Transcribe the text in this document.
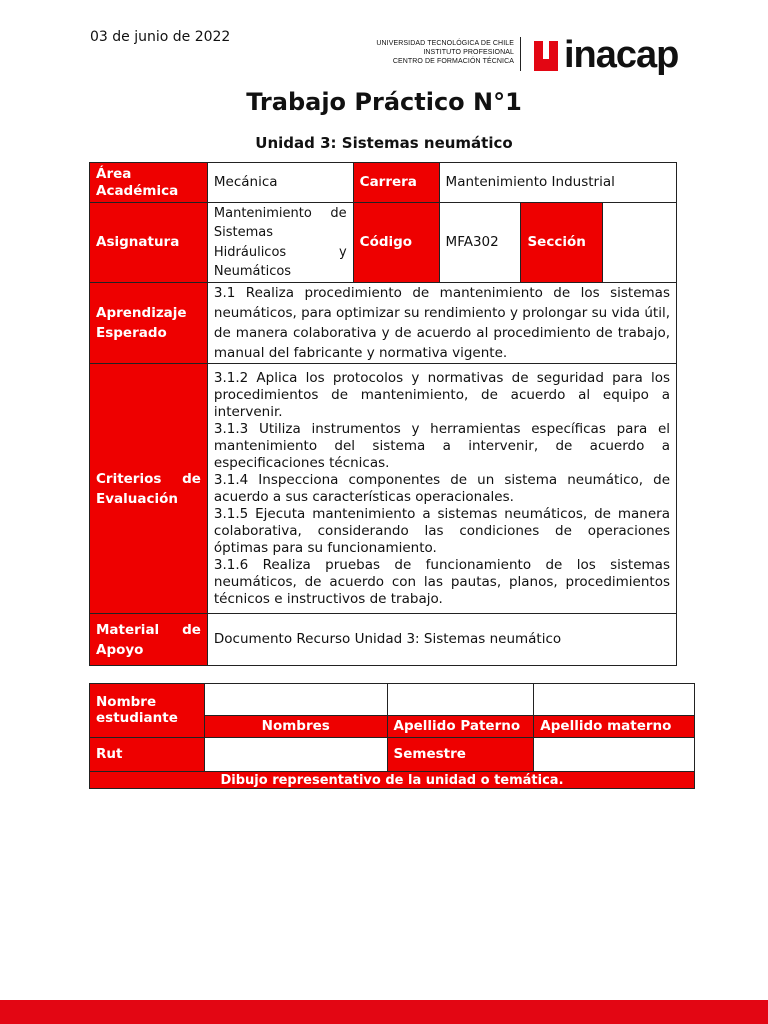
03 de junio de 2022	UNIVERSIDAD TECNOLÓGICA DE CHILE
INSTITUTO PROFESIONAL
CENTRO DE FORMACIÓN TÉCNICA inacap
Trabajo Práctico N°1
Unidad 3: Sistemas neumático
Área Académica	Mecánica	Carrera	Mantenimiento Industrial		
Asignatura	Mantenimiento de Sistemas Hidráulicos y Neumáticos	Código	MFA302	Sección	
Aprendizaje Esperado	3.1 Realiza procedimiento de mantenimiento de los sistemas neumáticos, para optimizar su rendimiento y prolongar su vida útil, de manera colaborativa y de acuerdo al procedimiento de trabajo, manual del fabricante y normativa vigente.				
Criterios de Evaluación	3.1.2 Aplica los protocolos y normativas de seguridad para los procedimientos de mantenimiento, de acuerdo al equipo a intervenir.

3.1.3 Utiliza instrumentos y herramientas específicas para el mantenimiento del sistema a intervenir, de acuerdo a especificaciones técnicas.

3.1.4 Inspecciona componentes de un sistema neumático, de acuerdo a sus características operacionales.

3.1.5 Ejecuta mantenimiento a sistemas neumáticos, de manera colaborativa, considerando las condiciones de operaciones óptimas para su funcionamiento.

3.1.6 Realiza pruebas de funcionamiento de los sistemas neumáticos, de acuerdo con las pautas, planos, procedimientos técnicos e instructivos de trabajo.				

Material de Apoyo	Documento Recurso Unidad 3: Sistemas neumático				
Nombre estudiante			
	Nombres	Apellido Paterno	Apellido materno
Rut		Semestre	
Dibujo representativo de la unidad o temática.			
